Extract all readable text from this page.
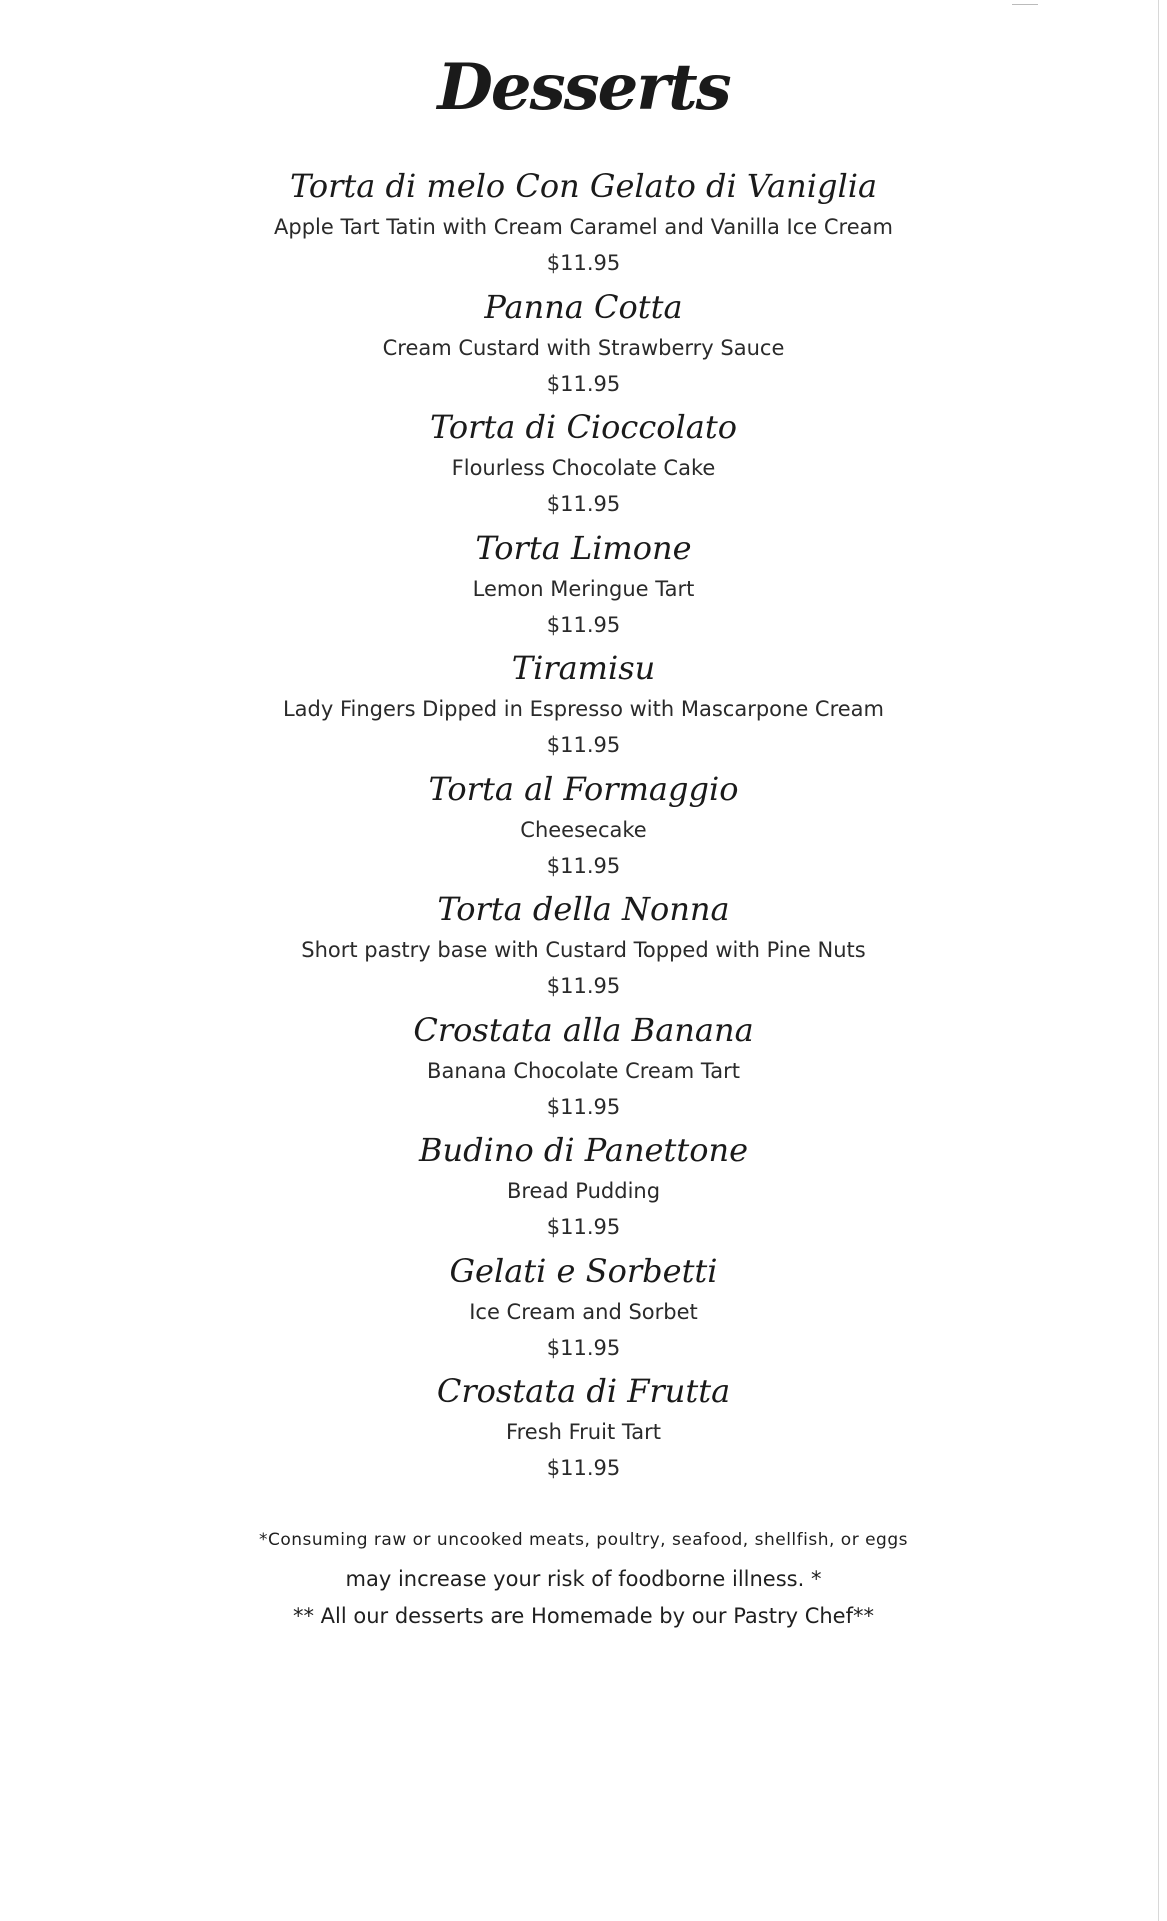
Desserts
Torta di melo Con Gelato di Vaniglia
Apple Tart Tatin with Cream Caramel and Vanilla Ice Cream
$11.95
Panna Cotta
Cream Custard with Strawberry Sauce
$11.95
Torta di Cioccolato
Flourless Chocolate Cake
$11.95
Torta Limone
Lemon Meringue Tart
$11.95
Tiramisu
Lady Fingers Dipped in Espresso with Mascarpone Cream
$11.95
Torta al Formaggio
Cheesecake
$11.95
Torta della Nonna
Short pastry base with Custard Topped with Pine Nuts
$11.95
Crostata alla Banana
Banana Chocolate Cream Tart
$11.95
Budino di Panettone
Bread Pudding
$11.95
Gelati e Sorbetti
Ice Cream and Sorbet
$11.95
Crostata di Frutta
Fresh Fruit Tart
$11.95
*Consuming raw or uncooked meats, poultry, seafood, shellfish, or eggs
may increase your risk of foodborne illness. *
** All our desserts are Homemade by our Pastry Chef**
